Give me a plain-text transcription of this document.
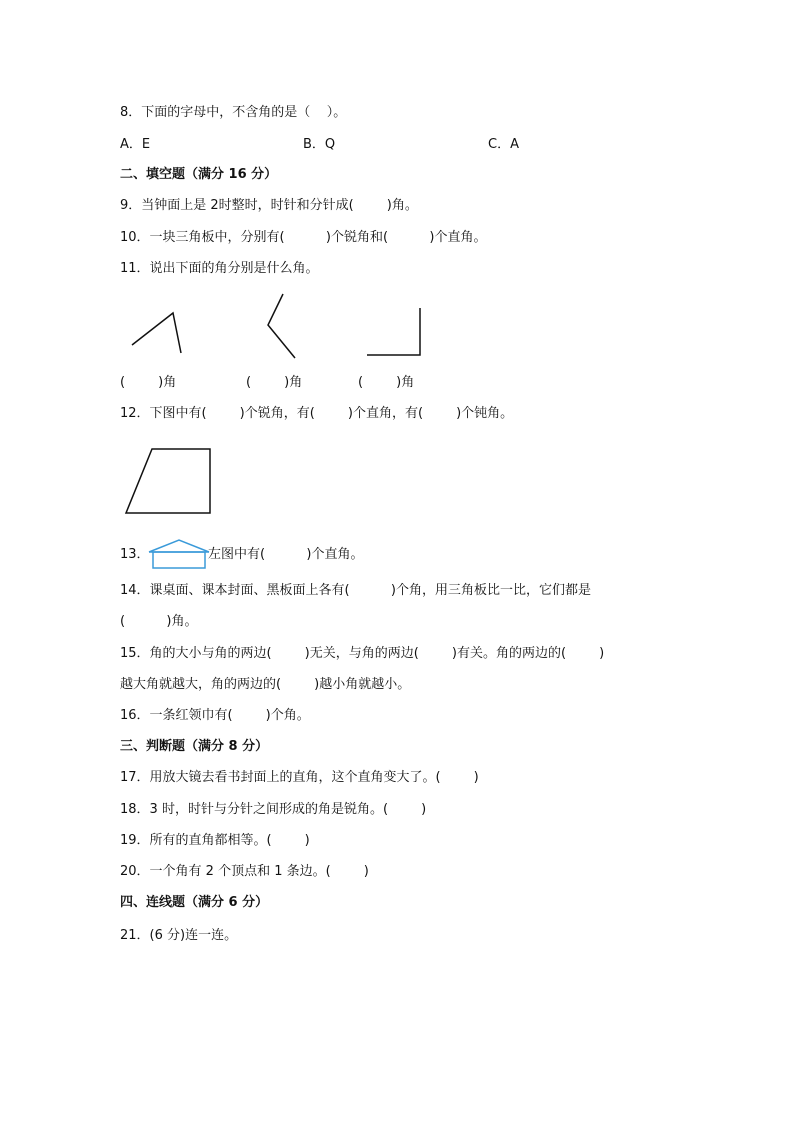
8．下面的字母中，不含角的是（    ）。
A．E	B．Q	C．A
二、填空题（满分 16 分）
9．当钟面上是 2时整时，时针和分针成(        )角。
10．一块三角板中，分别有(          )个锐角和(          )个直角。
11．说出下面的角分别是什么角。
(        )角	(        )角	(        )角
12．下图中有(        )个锐角，有(        )个直角，有(        )个钝角。
13．	左图中有(          )个直角。
14．课桌面、课本封面、黑板面上各有(          )个角，用三角板比一比，它们都是
(          )角。
15．角的大小与角的两边(        )无关，与角的两边(        )有关。角的两边的(        )
越大角就越大，角的两边的(        )越小角就越小。
16．一条红领巾有(        )个角。
三、判断题（满分 8 分）
17．用放大镜去看书封面上的直角，这个直角变大了。(        )
18．3 时，时针与分针之间形成的角是锐角。(        )
19．所有的直角都相等。(        )
20．一个角有 2 个顶点和 1 条边。(        )
四、连线题（满分 6 分）
21．(6 分)连一连。
